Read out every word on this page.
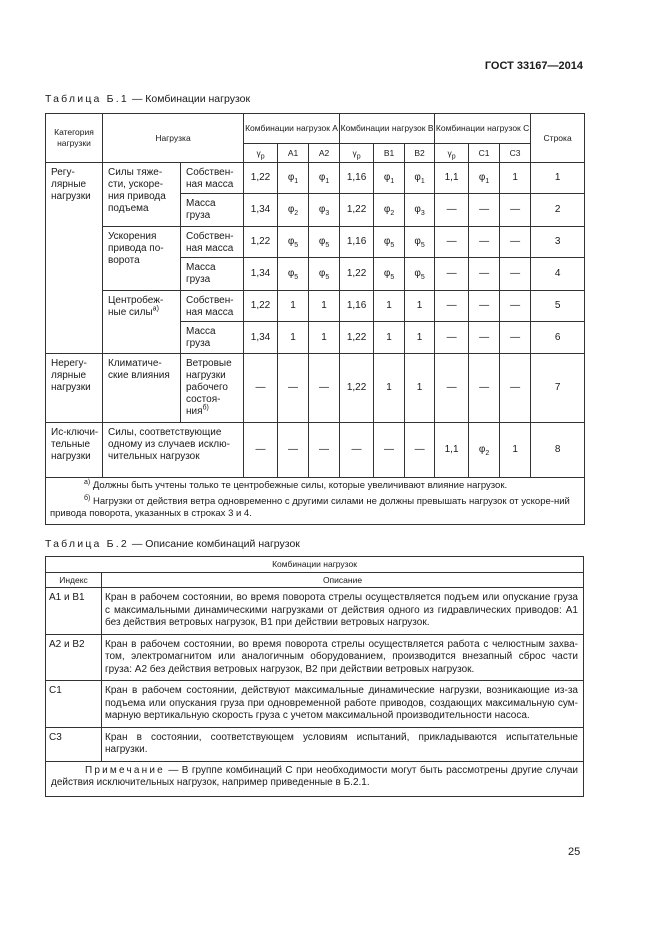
ГОСТ 33167—2014
Таблица Б.1 — Комбинации нагрузок
Категория нагрузки	Нагрузка		Комбинации нагрузок А			Комбинации нагрузок В			Комбинации нагрузок С			Строка
			$\gamma_p$	А1	А2	$\gamma_p$	В1	В2	$\gamma_p$	С1	С3	
Регу-лярные нагрузки	Силы тяже-сти, ускоре-ния привода подъема	Собствен-ная масса	1,22	$\varphi_1$	$\varphi_1$	1,16	$\varphi_1$	$\varphi_1$	1,1	$\varphi_1$	1	1
		Масса груза	1,34	$\varphi_2$	$\varphi_3$	1,22	$\varphi_2$	$\varphi_3$	—	—	—	2
	Ускорения привода по-ворота	Собствен-ная масса	1,22	$\varphi_5$	$\varphi_5$	1,16	$\varphi_5$	$\varphi_5$	—	—	—	3
		Масса груза	1,34	$\varphi_5$	$\varphi_5$	1,22	$\varphi_5$	$\varphi_5$	—	—	—	4
	Центробеж-ные силы$^{а)}$	Собствен-ная масса	1,22	1	1	1,16	1	1	—	—	—	5
		Масса груза	1,34	1	1	1,22	1	1	—	—	—	6
Нерегу-лярные нагрузки	Климатиче-ские влияния	Ветровые нагрузки рабочего состоя-ния$^{б)}$	—	—	—	1,22	1	1	—	—	—	7
Ис-ключи-тельные нагрузки	Силы, соответствующие одному из случаев исклю-чительных нагрузок		—	—	—	—	—	—	1,1	$\varphi_2$	1	8

$^{а)}$ Должны быть учтены только те центробежные силы, которые увеличивают влияние нагрузок.
$^{б)}$ Нагрузки от действия ветра одновременно с другими силами не должны превышать нагрузок от ускоре-ний привода поворота, указанных в строках 3 и 4.												
Таблица Б.2 — Описание комбинаций нагрузок
Комбинации нагрузок	
Индекс	Описание
А1 и В1	Кран в рабочем состоянии, во время поворота стрелы осуществляется подъем или опускание груза с максимальными динамическими нагрузками от действия одного из гидравлических приводов: А1 без действия ветровых нагрузок, В1 при действии ветровых нагрузок.
А2 и В2	Кран в рабочем состоянии, во время поворота стрелы осуществляется работа с челюстным захва-том, электромагнитом или аналогичным оборудованием, производится внезапный сброс части груза: А2 без действия ветровых нагрузок, В2 при действии ветровых нагрузок.
С1	Кран в рабочем состоянии, действуют максимальные динамические нагрузки, возникающие из-за подъема или опускания груза при одновременной работе приводов, создающих максимальную сум-марную вертикальную скорость груза с учетом максимальной производительности насоса.
С3	Кран в состоянии, соответствующем условиям испытаний, прикладываются испытательные нагрузки.
Примечание — В группе комбинаций С при необходимости могут быть рассмотрены другие случаи действия исключительных нагрузок, например приведенные в Б.2.1.	
25
